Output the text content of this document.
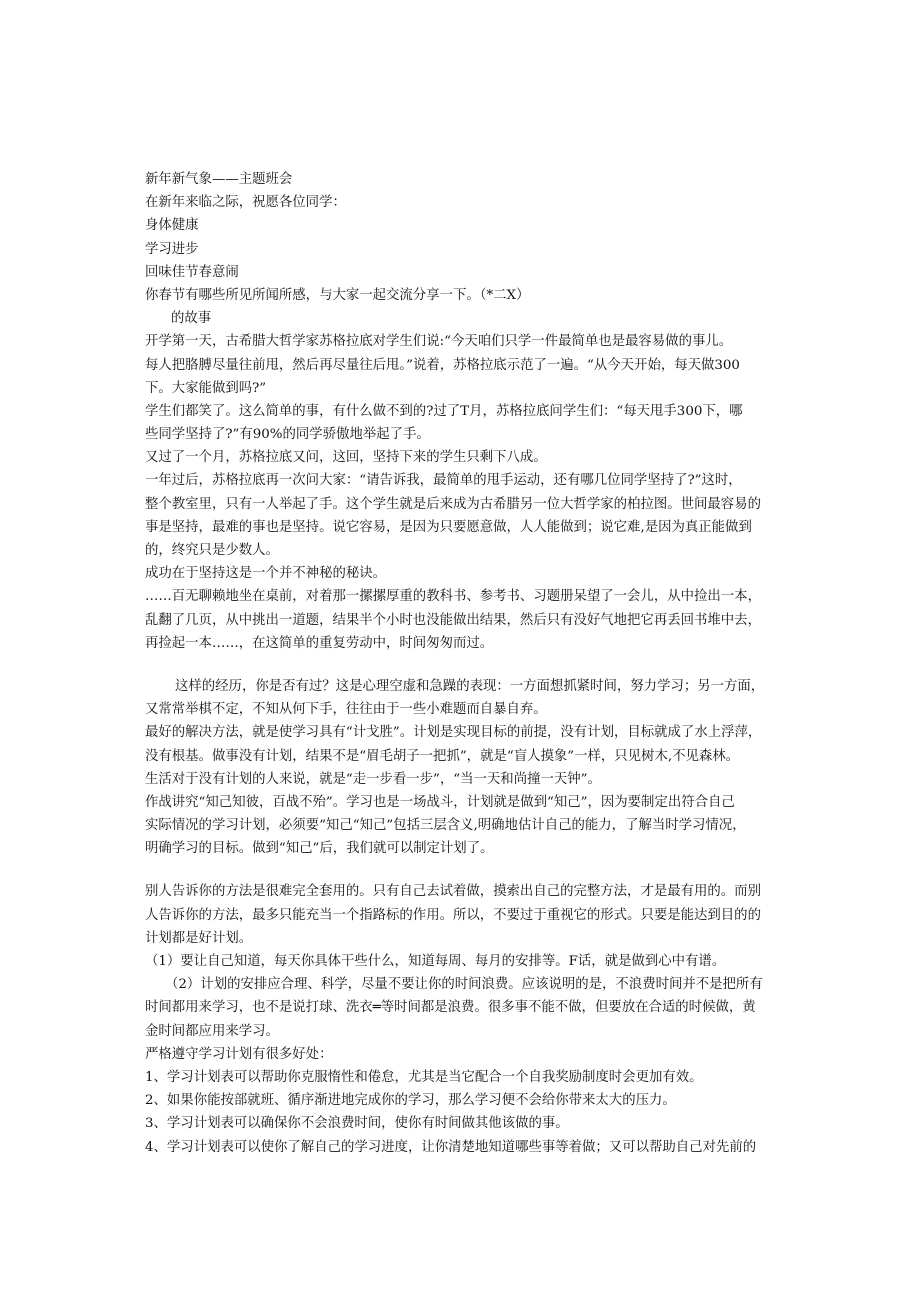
新年新气象——主题班会
在新年来临之际，祝愿各位同学：
身体健康
学习进步
回味佳节春意闹
你春节有哪些所见所闻所感，与大家一起交流分享一下。（*二X）
的故事
开学第一天，古希腊大哲学家苏格拉底对学生们说:“今天咱们只学一件最简单也是最容易做的事儿。
每人把胳膊尽量往前甩，然后再尽量往后甩。”说着，苏格拉底示范了一遍。“从今天开始，每天做300
下。大家能做到吗?”
学生们都笑了。这么简单的事，有什么做不到的?过了T月，苏格拉底问学生们：“每天甩手300下，哪
些同学坚持了?”有90%的同学骄傲地举起了手。
又过了一个月，苏格拉底又问，这回，坚持下来的学生只剩下八成。
一年过后，苏格拉底再一次问大家：“请告诉我，最简单的甩手运动，还有哪几位同学坚持了?”这时，
整个教室里，只有一人举起了手。这个学生就是后来成为古希腊另一位大哲学家的柏拉图。世间最容易的
事是坚持，最难的事也是坚持。说它容易，是因为只要愿意做，人人能做到；说它难,是因为真正能做到
的，终究只是少数人。
成功在于坚持这是一个并不神秘的秘诀。
……百无聊赖地坐在桌前，对着那一摞摞厚重的教科书、参考书、习题册呆望了一会儿，从中捡出一本，
乱翻了几页，从中挑出一道题，结果半个小时也没能做出结果，然后只有没好气地把它再丢回书堆中去，
再捡起一本……，在这简单的重复劳动中，时间匆匆而过。
这样的经历，你是否有过？这是心理空虚和急躁的表现：一方面想抓紧时间，努力学习；另一方面，
又常常举棋不定，不知从何下手，往往由于一些小难题而自暴自弃。
最好的解决方法，就是使学习具有“计戈胜”。计划是实现目标的前提，没有计划，目标就成了水上浮萍，
没有根基。做事没有计划，结果不是“眉毛胡子一把抓”，就是“盲人摸象”一样，只见树木,不见森林。
生活对于没有计划的人来说，就是“走一步看一步”，“当一天和尚撞一天钟”。
作战讲究“知己知彼，百战不殆”。学习也是一场战斗，计划就是做到“知己”，因为要制定出符合自己
实际情况的学习计划，必须要“知己“知己”包括三层含义,明确地估计自己的能力，了解当时学习情况，
明确学习的目标。做到“知己”后，我们就可以制定计划了。
别人告诉你的方法是很难完全套用的。只有自己去试着做，摸索出自己的完整方法，才是最有用的。而别
人告诉你的方法，最多只能充当一个指路标的作用。所以，不要过于重视它的形式。只要是能达到目的的
计划都是好计划。
（1）要让自己知道，每天你具体干些什么，知道每周、每月的安排等。F话，就是做到心中有谱。
（2）计划的安排应合理、科学，尽量不要让你的时间浪费。应该说明的是，不浪费时间并不是把所有
时间都用来学习，也不是说打球、洗衣═等时间都是浪费。很多事不能不做，但要放在合适的时候做，黄
金时间都应用来学习。
严格遵守学习计划有很多好处：
1、学习计划表可以帮助你克服惰性和倦怠，尤其是当它配合一个自我奖励制度时会更加有效。
2、如果你能按部就班、循序渐进地完成你的学习，那么学习便不会给你带来太大的压力。
3、学习计划表可以确保你不会浪费时间，使你有时间做其他该做的事。
4、学习计划表可以使你了解自己的学习进度，让你清楚地知道哪些事等着做；又可以帮助自己对先前的
